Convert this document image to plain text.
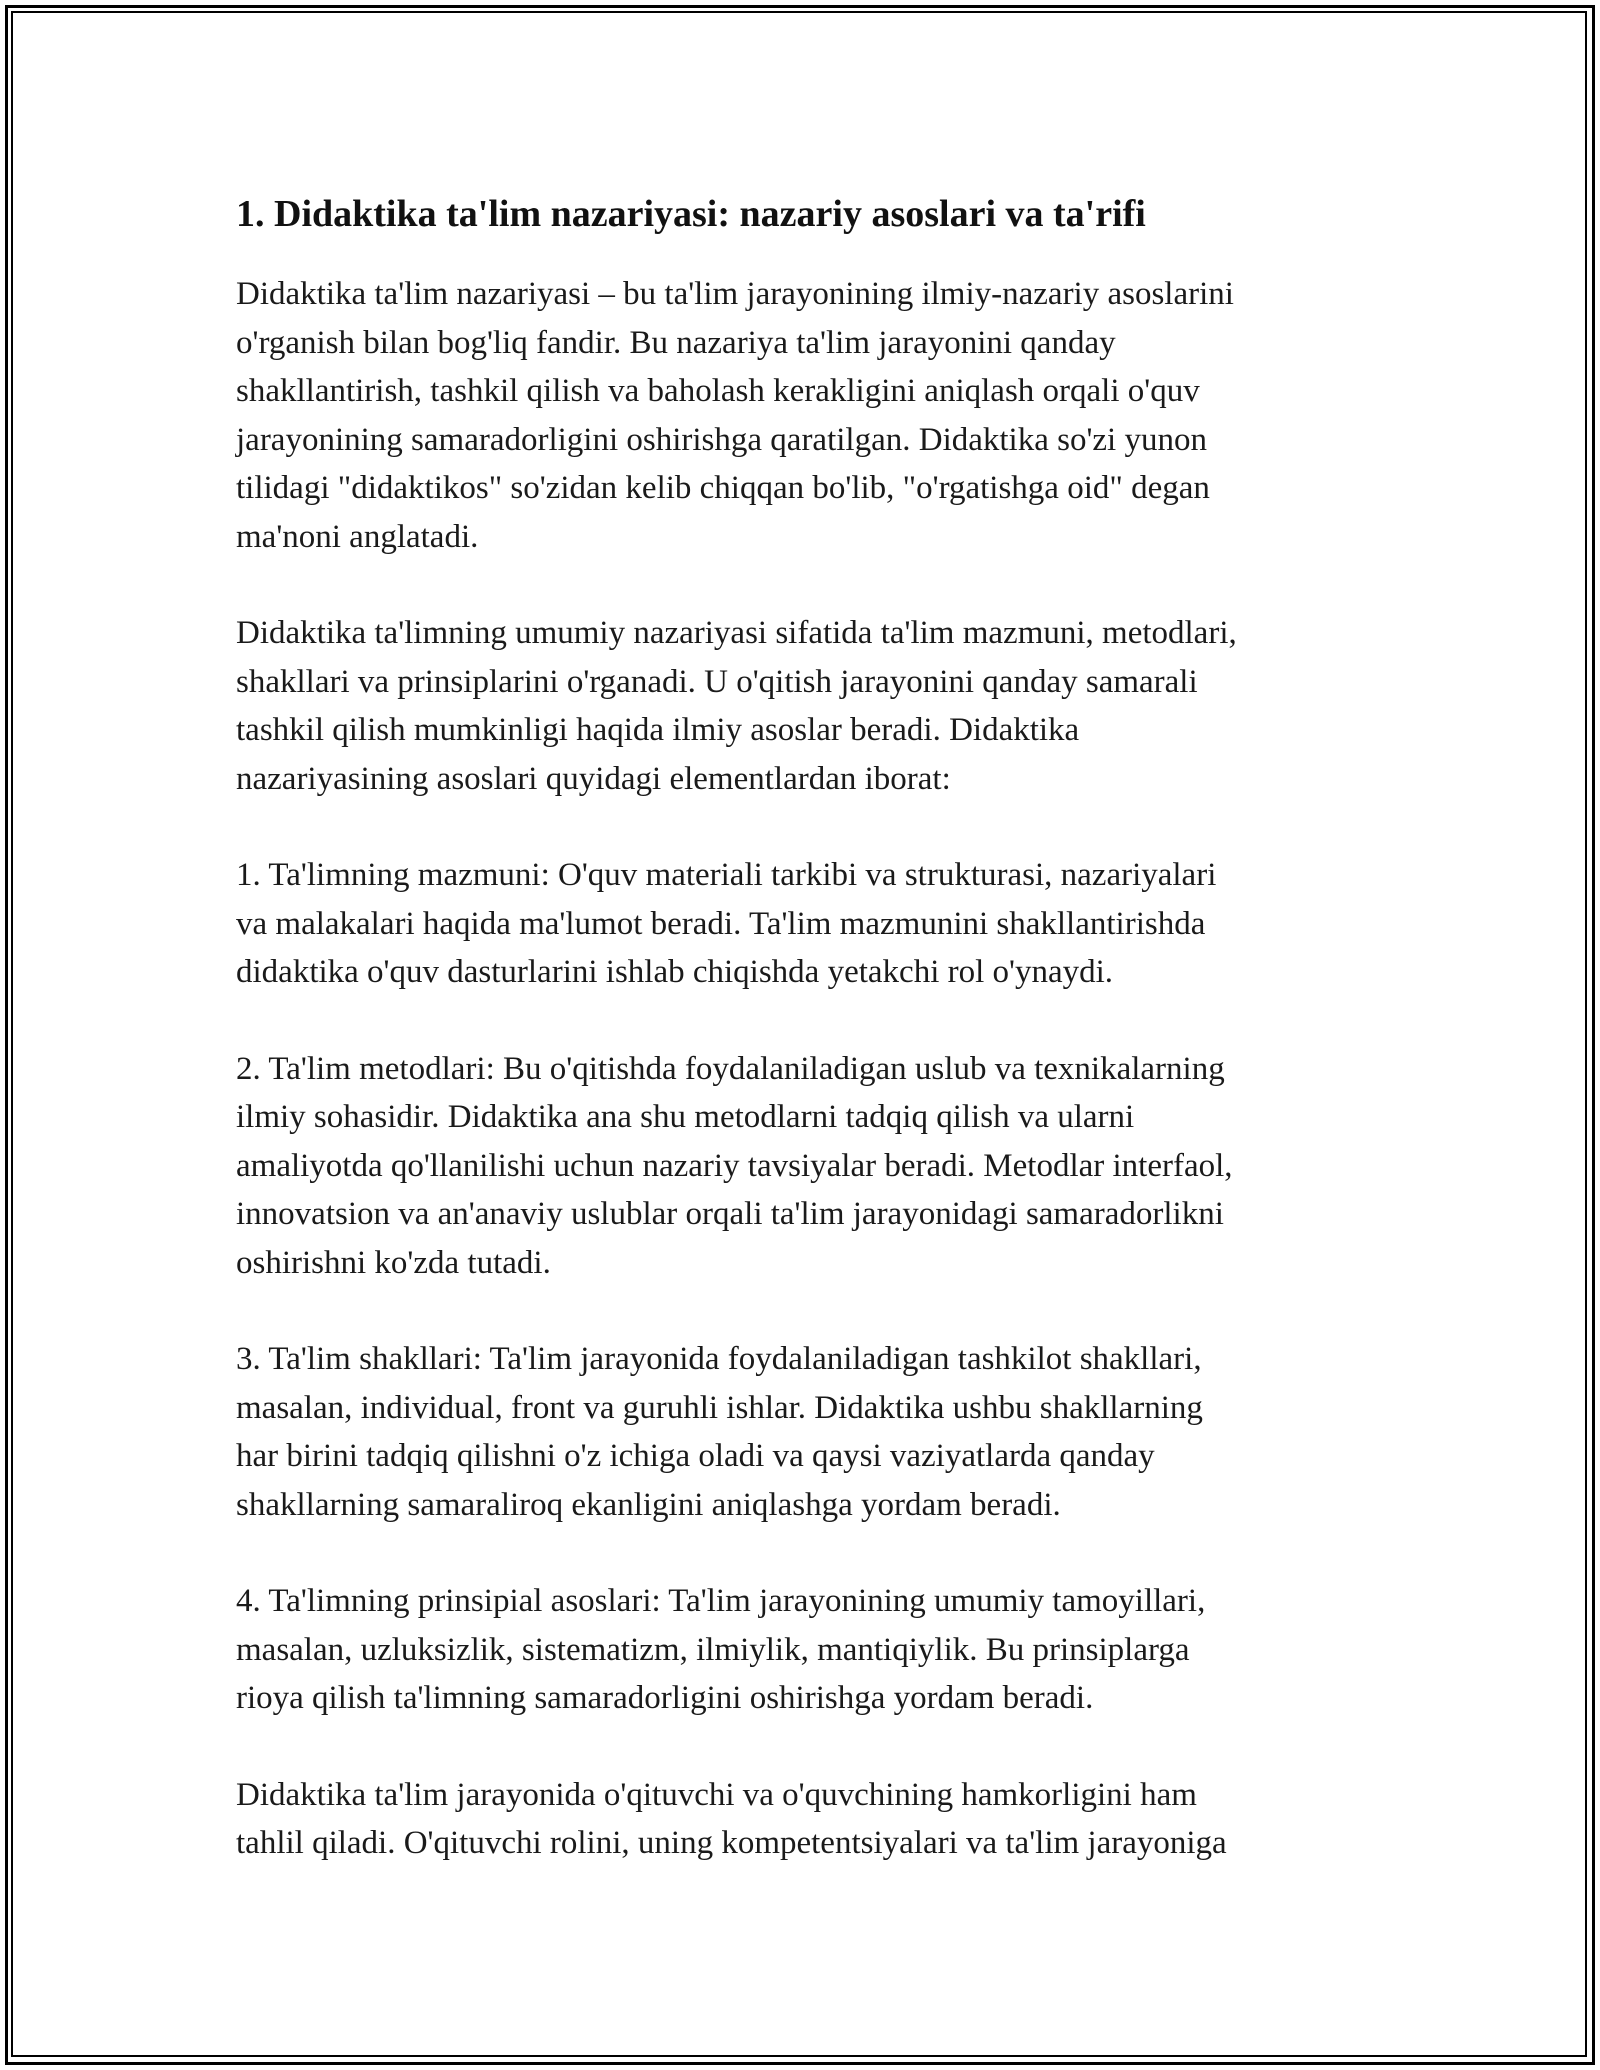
1. Didaktika ta'lim nazariyasi: nazariy asoslari va ta'rifi

Didaktika ta'lim nazariyasi – bu ta'lim jarayonining ilmiy-nazariy asoslarini
o'rganish bilan bog'liq fandir. Bu nazariya ta'lim jarayonini qanday
shakllantirish, tashkil qilish va baholash kerakligini aniqlash orqali o'quv
jarayonining samaradorligini oshirishga qaratilgan. Didaktika so'zi yunon
tilidagi "didaktikos" so'zidan kelib chiqqan bo'lib, "o'rgatishga oid" degan
ma'noni anglatadi.

Didaktika ta'limning umumiy nazariyasi sifatida ta'lim mazmuni, metodlari,
shakllari va prinsiplarini o'rganadi. U o'qitish jarayonini qanday samarali
tashkil qilish mumkinligi haqida ilmiy asoslar beradi. Didaktika
nazariyasining asoslari quyidagi elementlardan iborat:

1. Ta'limning mazmuni: O'quv materiali tarkibi va strukturasi, nazariyalari
va malakalari haqida ma'lumot beradi. Ta'lim mazmunini shakllantirishda
didaktika o'quv dasturlarini ishlab chiqishda yetakchi rol o'ynaydi.

2. Ta'lim metodlari: Bu o'qitishda foydalaniladigan uslub va texnikalarning
ilmiy sohasidir. Didaktika ana shu metodlarni tadqiq qilish va ularni
amaliyotda qo'llanilishi uchun nazariy tavsiyalar beradi. Metodlar interfaol,
innovatsion va an'anaviy uslublar orqali ta'lim jarayonidagi samaradorlikni
oshirishni ko'zda tutadi.

3. Ta'lim shakllari: Ta'lim jarayonida foydalaniladigan tashkilot shakllari,
masalan, individual, front va guruhli ishlar. Didaktika ushbu shakllarning
har birini tadqiq qilishni o'z ichiga oladi va qaysi vaziyatlarda qanday
shakllarning samaraliroq ekanligini aniqlashga yordam beradi.

4. Ta'limning prinsipial asoslari: Ta'lim jarayonining umumiy tamoyillari,
masalan, uzluksizlik, sistematizm, ilmiylik, mantiqiylik. Bu prinsiplarga
rioya qilish ta'limning samaradorligini oshirishga yordam beradi.

Didaktika ta'lim jarayonida o'qituvchi va o'quvchining hamkorligini ham
tahlil qiladi. O'qituvchi rolini, uning kompetentsiyalari va ta'lim jarayoniga
